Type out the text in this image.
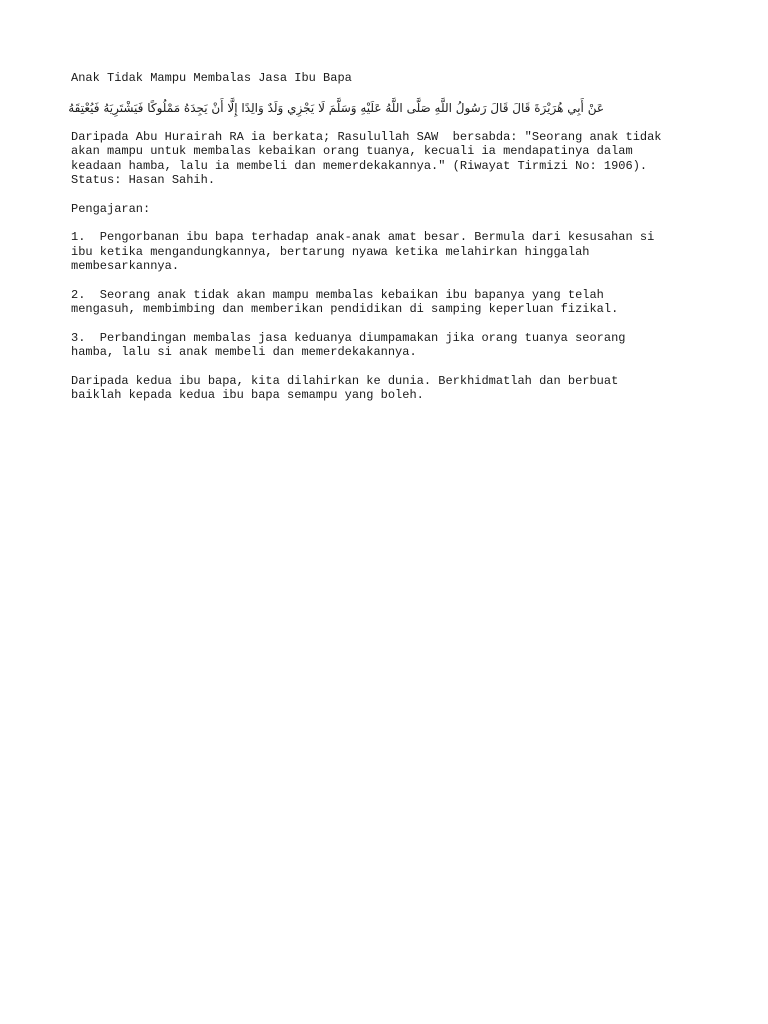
Anak Tidak Mampu Membalas Jasa Ibu Bapa
عَنْ أَبِي هُرَيْرَةَ قَالَ قَالَ رَسُولُ اللَّهِ صَلَّى اللَّهُ عَلَيْهِ وَسَلَّمَ لَا يَجْزِي وَلَدٌ وَالِدًا إِلَّا أَنْ يَجِدَهُ مَمْلُوكًا فَيَشْتَرِيَهُ فَيُعْتِقَهُ
Daripada Abu Hurairah RA ia berkata; Rasulullah SAW  bersabda: "Seorang anak tidak
akan mampu untuk membalas kebaikan orang tuanya, kecuali ia mendapatinya dalam
keadaan hamba, lalu ia membeli dan memerdekakannya." (Riwayat Tirmizi No: 1906).
Status: Hasan Sahih.
Pengajaran:
1.  Pengorbanan ibu bapa terhadap anak-anak amat besar. Bermula dari kesusahan si
ibu ketika mengandungkannya, bertarung nyawa ketika melahirkan hinggalah
membesarkannya.
2.  Seorang anak tidak akan mampu membalas kebaikan ibu bapanya yang telah
mengasuh, membimbing dan memberikan pendidikan di samping keperluan fizikal.
3.  Perbandingan membalas jasa keduanya diumpamakan jika orang tuanya seorang
hamba, lalu si anak membeli dan memerdekakannya.
Daripada kedua ibu bapa, kita dilahirkan ke dunia. Berkhidmatlah dan berbuat
baiklah kepada kedua ibu bapa semampu yang boleh.
